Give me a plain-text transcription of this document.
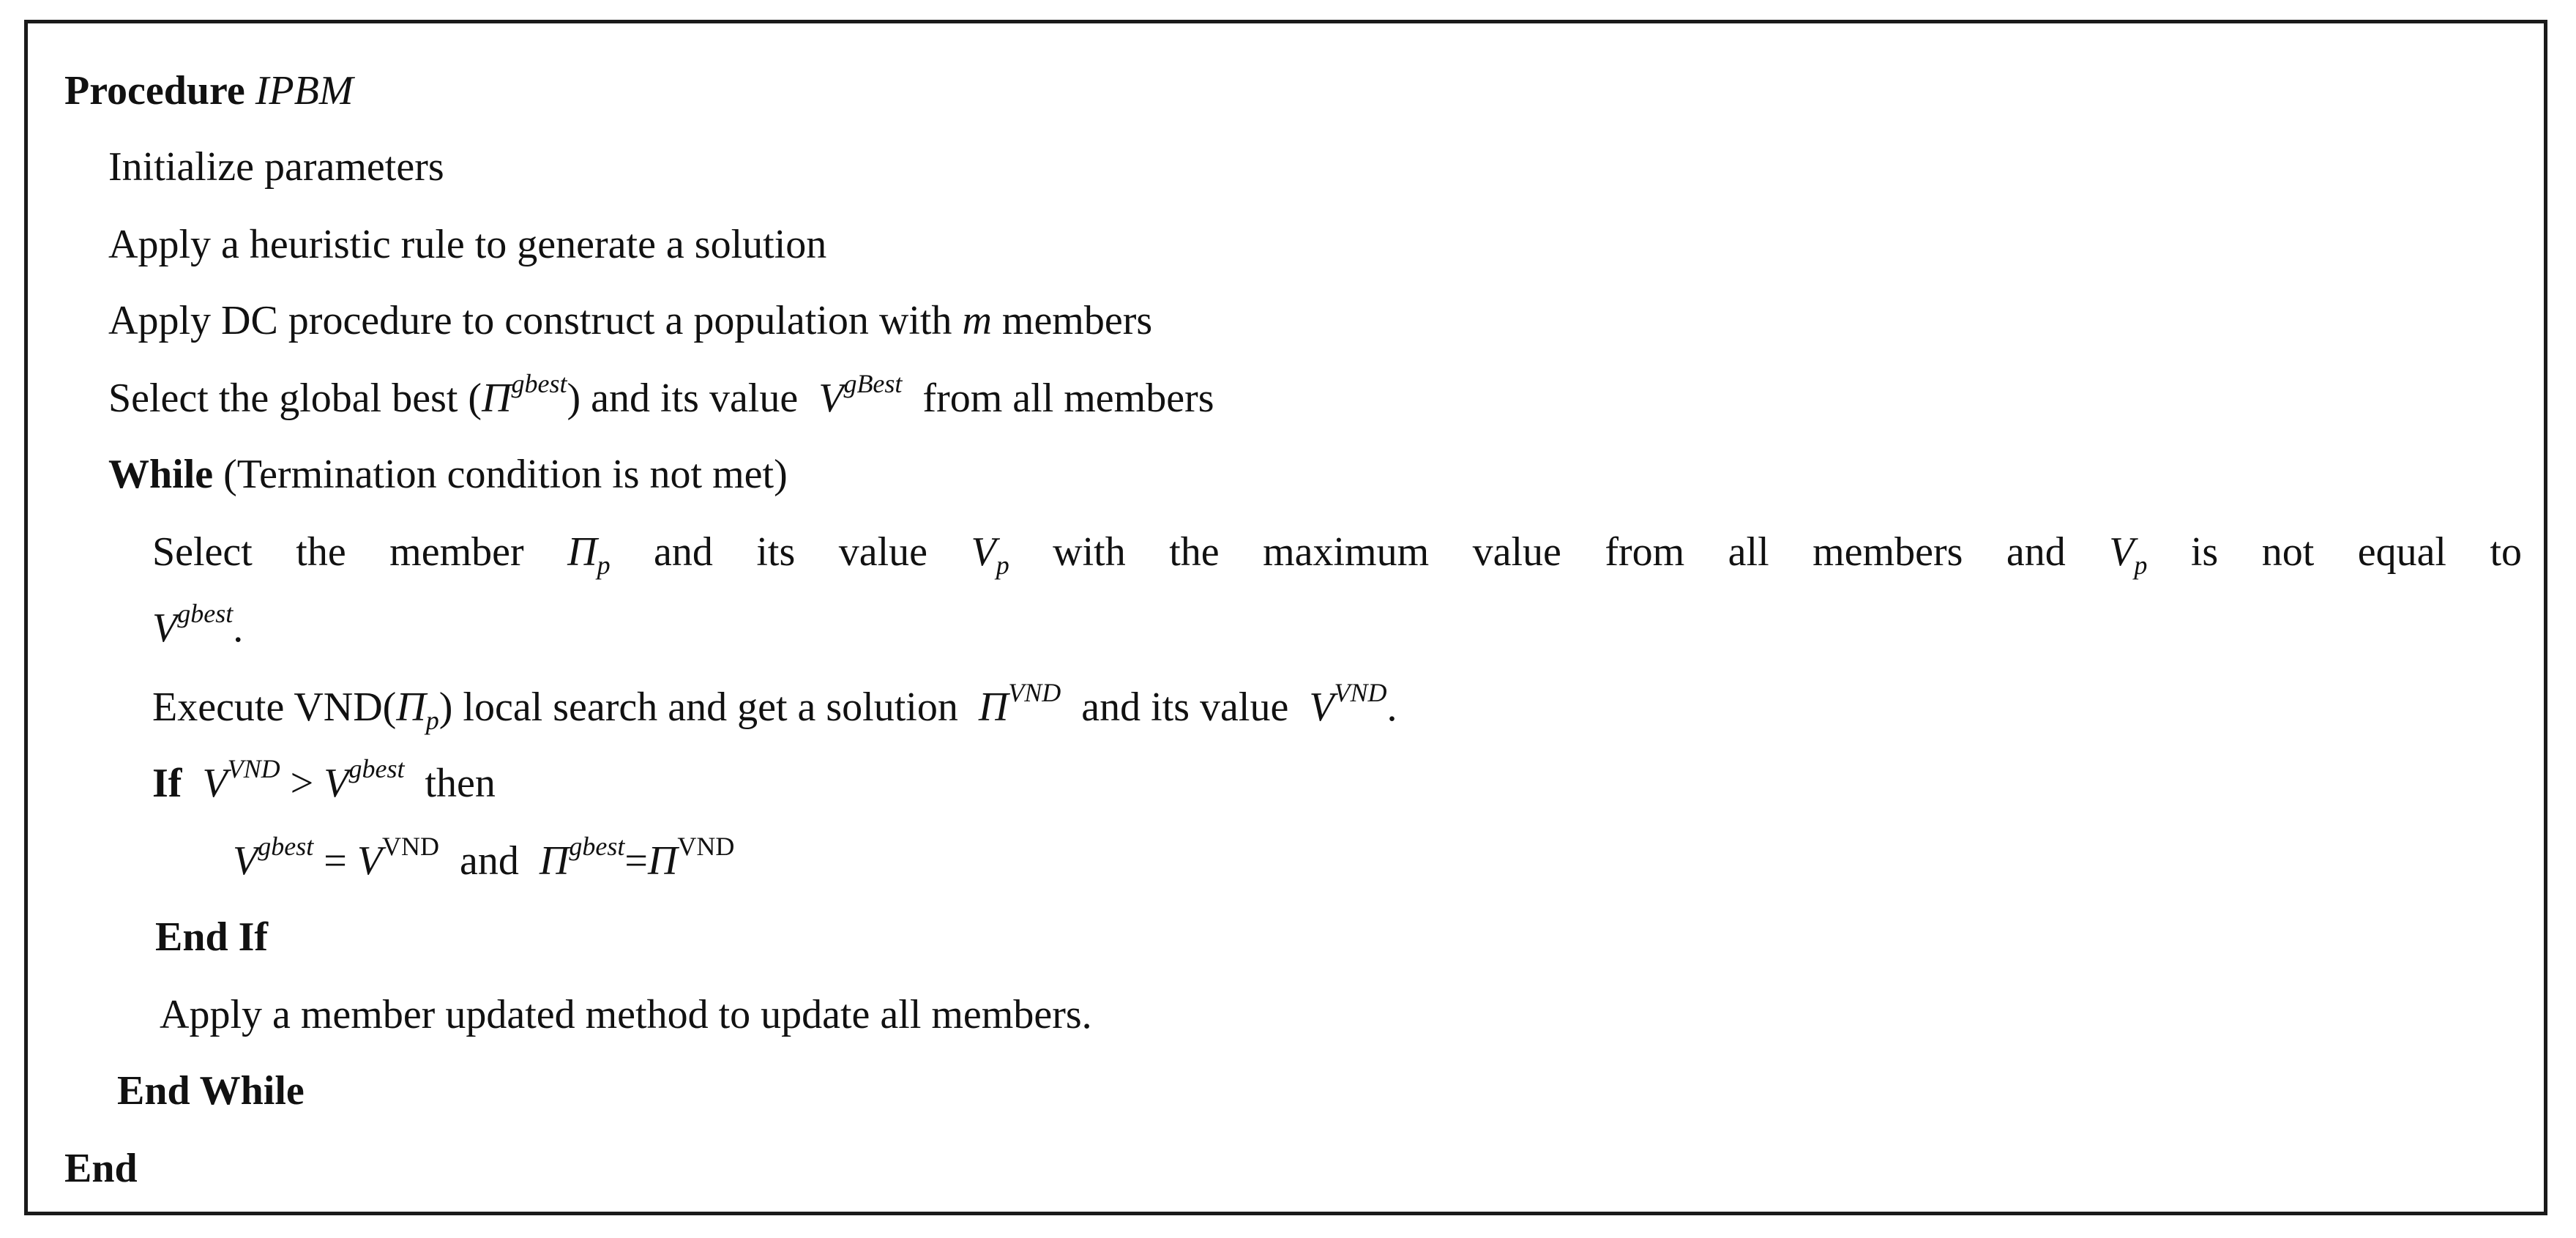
Procedure IPBM
Initialize parameters
Apply a heuristic rule to generate a solution
Apply DC procedure to construct a population with m members
Select the global best $(\Pi^{gbest})$ and its value  $V^{gBest}$  from all members
While (Termination condition is not met)
Select the member $\Pi_p$ and its value $V_p$ with the maximum value from all members and $V_p$ is not equal to
$V^{gbest}$.
Execute $VND(\Pi_p)$ local search and get a solution  $\Pi^{VND}$  and its value  $V^{VND}$.
If $V^{VND} > V^{gbest}$  then
$V^{gbest} = V^{VND}$  and  $\Pi^{gbest}=\Pi^{VND}$
End If
Apply a member updated method to update all members.
End While
End
